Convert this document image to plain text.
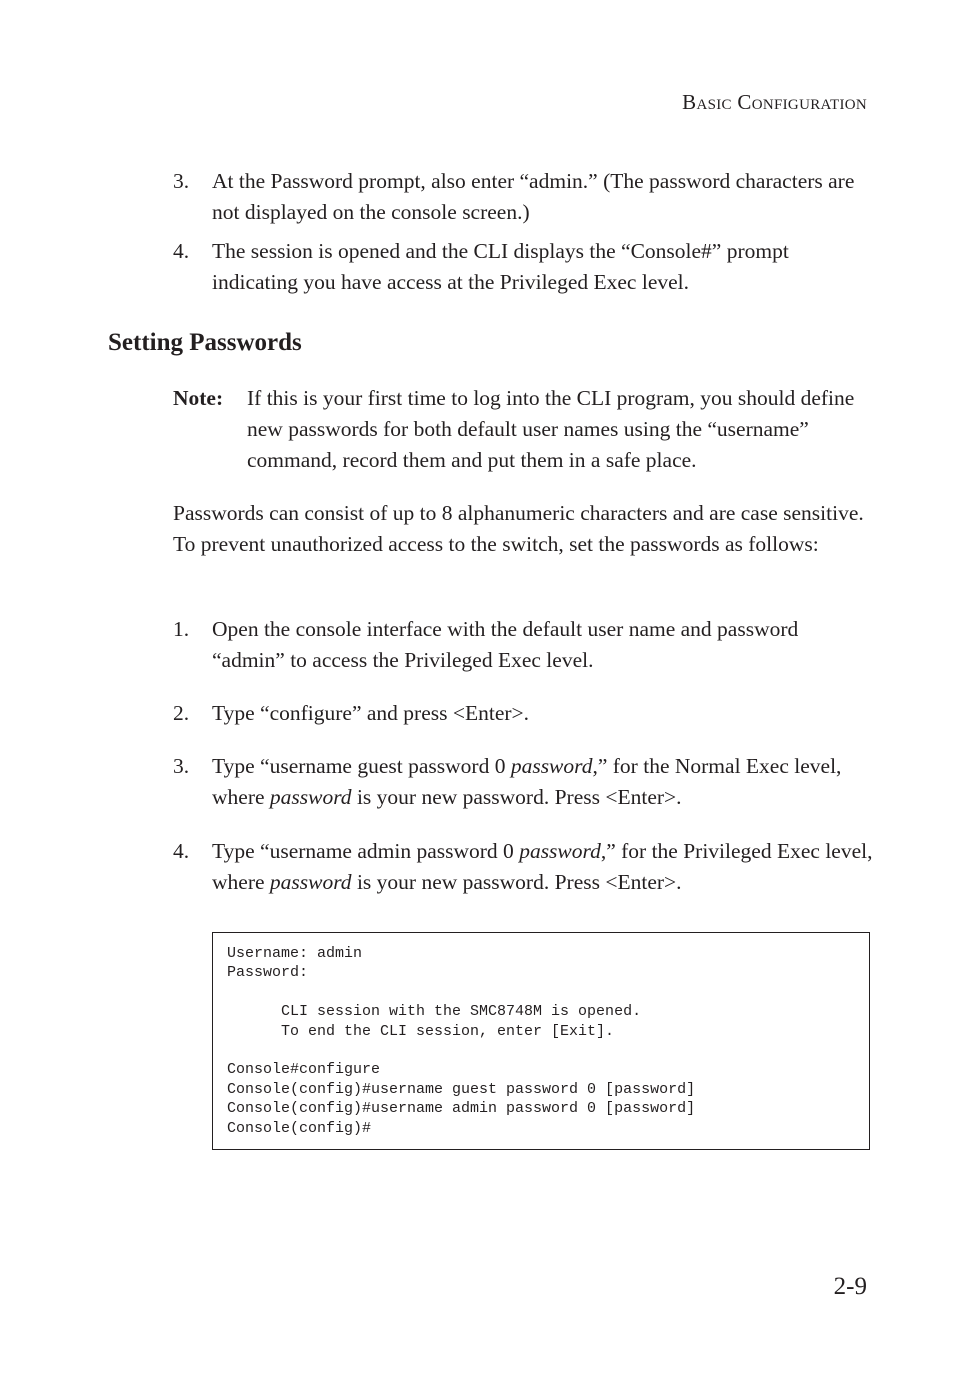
BASIC CONFIGURATION
3. At the Password prompt, also enter “admin.” (The password characters are not displayed on the console screen.)
4. The session is opened and the CLI displays the “Console#” prompt indicating you have access at the Privileged Exec level.
Setting Passwords
Note: If this is your first time to log into the CLI program, you should define new passwords for both default user names using the “username” command, record them and put them in a safe place.
Passwords can consist of up to 8 alphanumeric characters and are case sensitive. To prevent unauthorized access to the switch, set the passwords as follows:
1. Open the console interface with the default user name and password “admin” to access the Privileged Exec level.
2. Type “configure” and press <Enter>.
3. Type “username guest password 0 password,” for the Normal Exec level, where password is your new password. Press <Enter>.
4. Type “username admin password 0 password,” for the Privileged Exec level, where password is your new password. Press <Enter>.
Username: admin
Password:

CLI session with the SMC8748M is opened.
To end the CLI session, enter [Exit].

Console#configure
Console(config)#username guest password 0 [password]
Console(config)#username admin password 0 [password]
Console(config)#
2-9
